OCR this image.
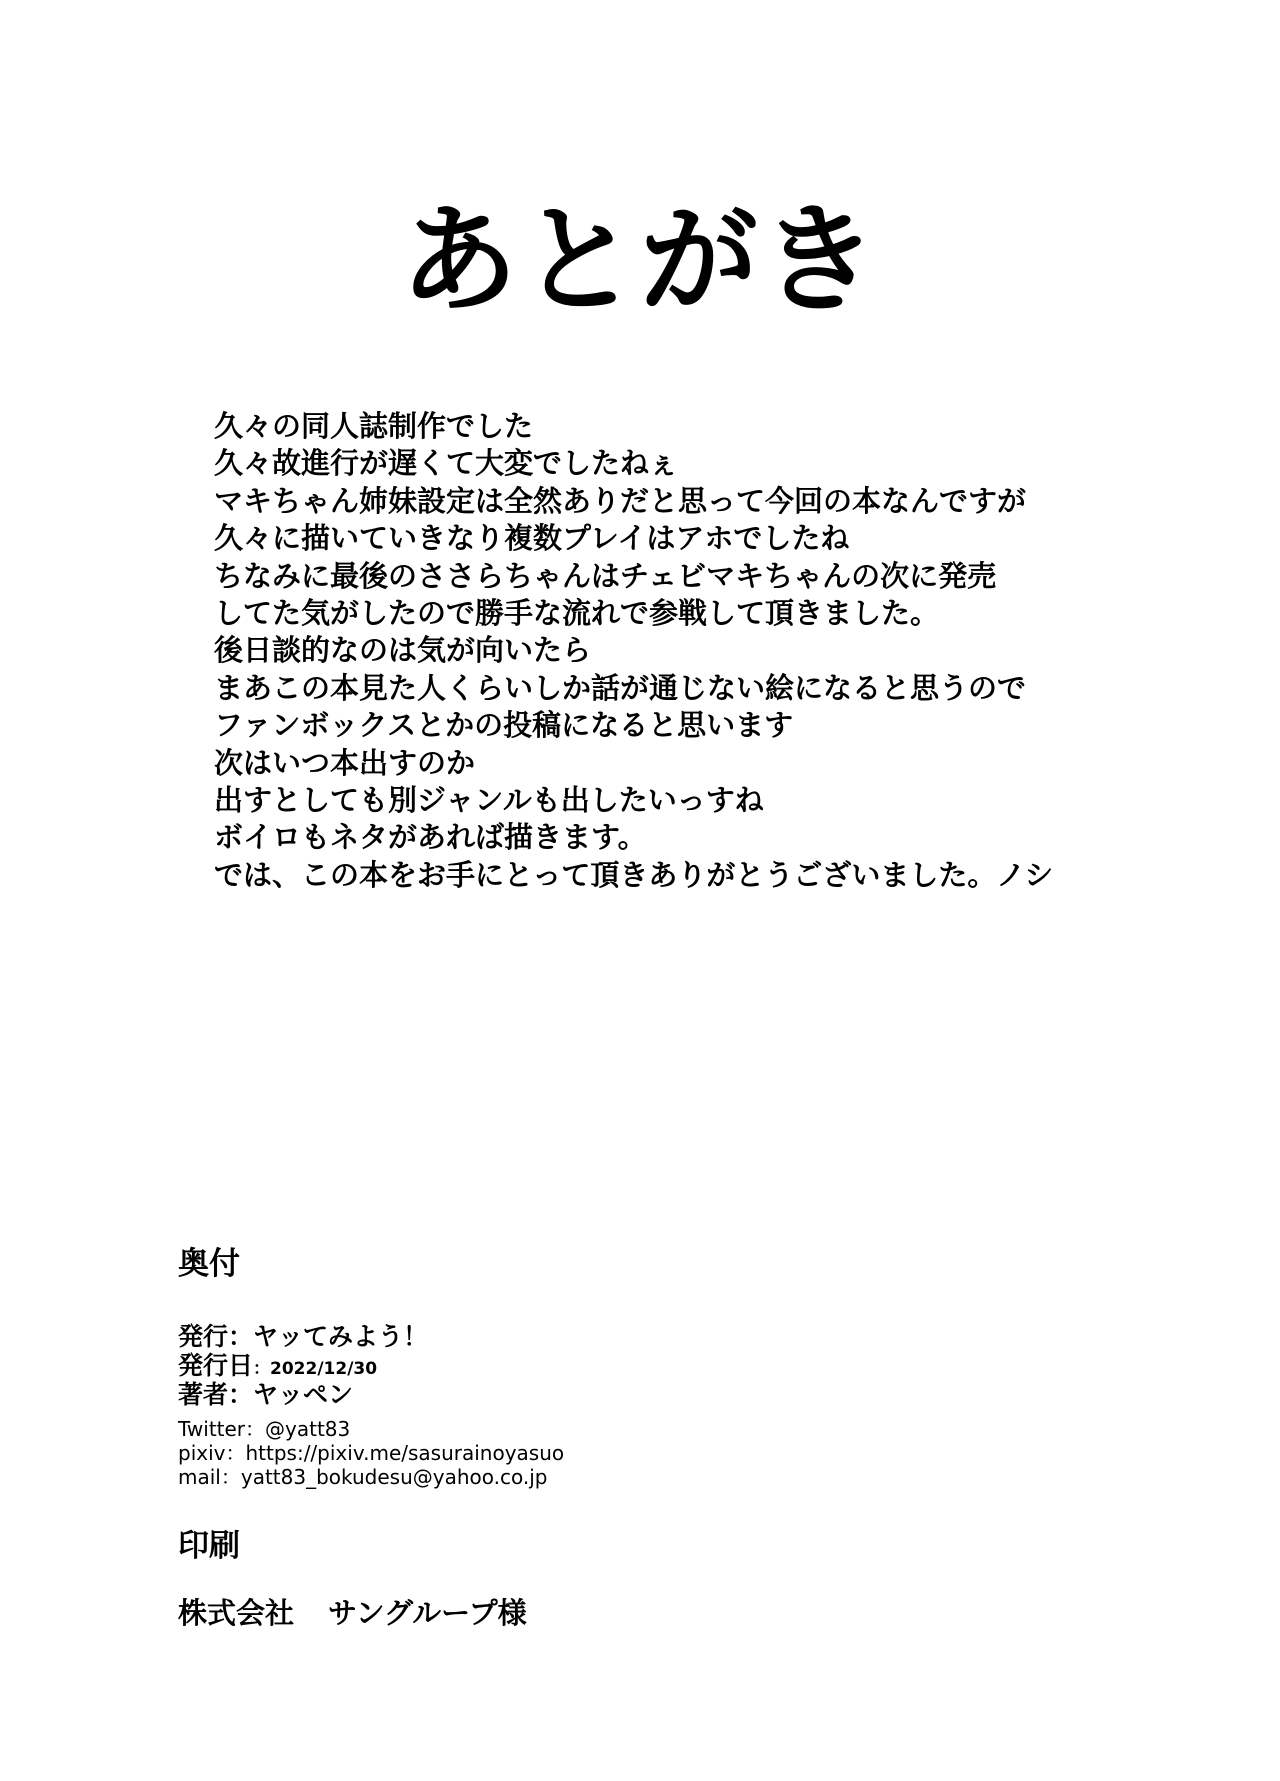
あとがき
久々の同人誌制作でした
久々故進行が遅くて大変でしたねぇ
マキちゃん姉妹設定は全然ありだと思って今回の本なんですが
久々に描いていきなり複数プレイはアホでしたね
ちなみに最後のささらちゃんはチェビマキちゃんの次に発売
してた気がしたので勝手な流れで参戦して頂きました。
後日談的なのは気が向いたら
まあこの本見た人くらいしか話が通じない絵になると思うので
ファンボックスとかの投稿になると思います
次はいつ本出すのか
出すとしても別ジャンルも出したいっすね
ボイロもネタがあれば描きます。
では、この本をお手にとって頂きありがとうございました。ノシ
奥付
発行：ヤッてみよう！
発行日：2022/12/30
著者：ヤッペン
Twitter：@yatt83
pixiv：https://pixiv.me/sasurainoyasuo
mail：yatt83_bokudesu@yahoo.co.jp
印刷
株式会社 サングループ様
